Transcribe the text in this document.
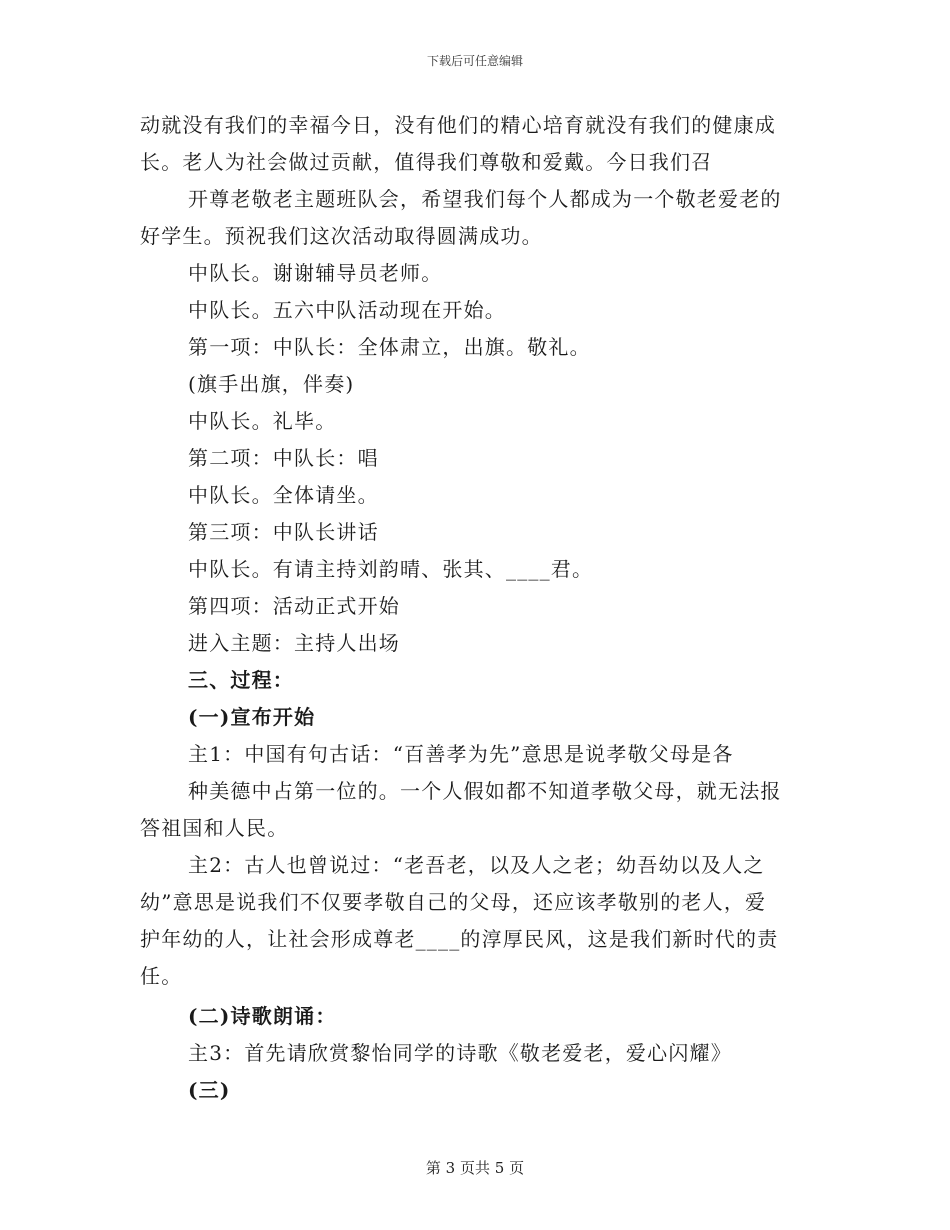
下载后可任意编辑
动就没有我们的幸福今日，没有他们的精心培育就没有我们的健康成
长。老人为社会做过贡献，值得我们尊敬和爱戴。今日我们召
开尊老敬老主题班队会，希望我们每个人都成为一个敬老爱老的
好学生。预祝我们这次活动取得圆满成功。
中队长。谢谢辅导员老师。
中队长。五六中队活动现在开始。
第一项：中队长：全体肃立，出旗。敬礼。
(旗手出旗，伴奏)
中队长。礼毕。
第二项：中队长：唱
中队长。全体请坐。
第三项：中队长讲话
中队长。有请主持刘韵晴、张其、____君。
第四项：活动正式开始
进入主题：主持人出场
三、过程：
(一)宣布开始
主1：中国有句古话：“百善孝为先”意思是说孝敬父母是各
种美德中占第一位的。一个人假如都不知道孝敬父母，就无法报
答祖国和人民。
主2：古人也曾说过：“老吾老，以及人之老；幼吾幼以及人之
幼”意思是说我们不仅要孝敬自己的父母，还应该孝敬别的老人，爱
护年幼的人，让社会形成尊老____的淳厚民风，这是我们新时代的责
任。
(二)诗歌朗诵：
主3：首先请欣赏黎怡同学的诗歌《敬老爱老，爱心闪耀》
(三)
第 3 页共 5 页
